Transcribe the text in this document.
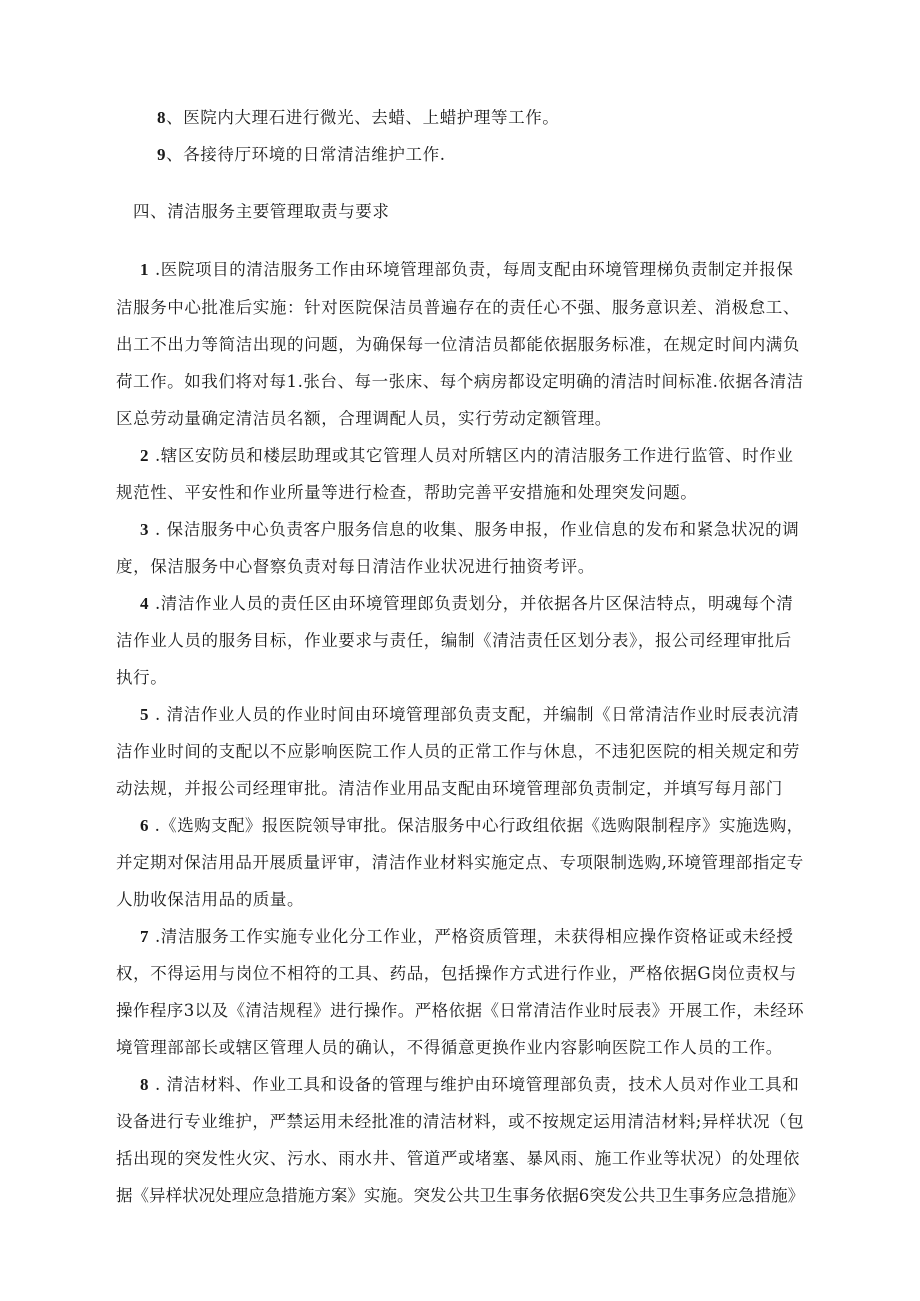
8、医院内大理石进行微光、去蜡、上蜡护理等工作。
9、各接待厅环境的日常清洁维护工作.
四、清洁服务主要管理取责与要求
1 .医院项目的清洁服务工作由环境管理部负责，每周支配由环境管理梯负责制定并报保
洁服务中心批准后实施：针对医院保洁员普遍存在的责任心不强、服务意识差、消极怠工、
出工不出力等简洁出现的问题，为确保每一位清洁员都能依据服务标准，在规定时间内满负
荷工作。如我们将对每1.张台、每一张床、每个病房都设定明确的清洁时间标准.依据各清洁
区总劳动量确定清洁员名额，合理调配人员，实行劳动定额管理。
2 .辖区安防员和楼层助理或其它管理人员对所辖区内的清洁服务工作进行监管、时作业
规范性、平安性和作业所量等进行检查，帮助完善平安措施和处理突发问题。
3 . 保洁服务中心负责客户服务信息的收集、服务申报，作业信息的发布和紧急状况的调
度，保洁服务中心督察负责对每日清洁作业状况进行抽资考评。
4 .清洁作业人员的责任区由环境管理郎负责划分，并依据各片区保洁特点，明魂每个清
洁作业人员的服务目标，作业要求与责任，编制《清洁责任区划分表》，报公司经理审批后
执行。
5 . 清洁作业人员的作业时间由环境管理部负责支配，并编制《日常清洁作业时辰表沆清
洁作业时间的支配以不应影响医院工作人员的正常工作与休息，不违犯医院的相关规定和劳
动法规，并报公司经理审批。清洁作业用品支配由环境管理部负责制定，并填写每月部门
6 .《选购支配》报医院领导审批。保洁服务中心行政组依据《选购限制程序》实施选购，
并定期对保洁用品开展质量评审，清洁作业材料实施定点、专项限制选购,环境管理部指定专
人肋收保洁用品的质量。
7 .清洁服务工作实施专业化分工作业，严格资质管理，未获得相应操作资格证或未经授
权，不得运用与岗位不相符的工具、药品，包括操作方式进行作业，严格依据G岗位责权与
操作程序3以及《清洁规程》进行操作。严格依据《日常清洁作业时辰表》开展工作，未经环
境管理部部长或辖区管理人员的确认，不得循意更换作业内容影响医院工作人员的工作。
8 . 清洁材料、作业工具和设备的管理与维护由环境管理部负责，技术人员对作业工具和
设备进行专业维护，严禁运用未经批准的清洁材料，或不按规定运用清洁材料;异样状况（包
括出现的突发性火灾、污水、雨水井、管道严或堵塞、暴风雨、施工作业等状况）的处理依
据《异样状况处理应急措施方案》实施。突发公共卫生事务依据6突发公共卫生事务应急措施》
